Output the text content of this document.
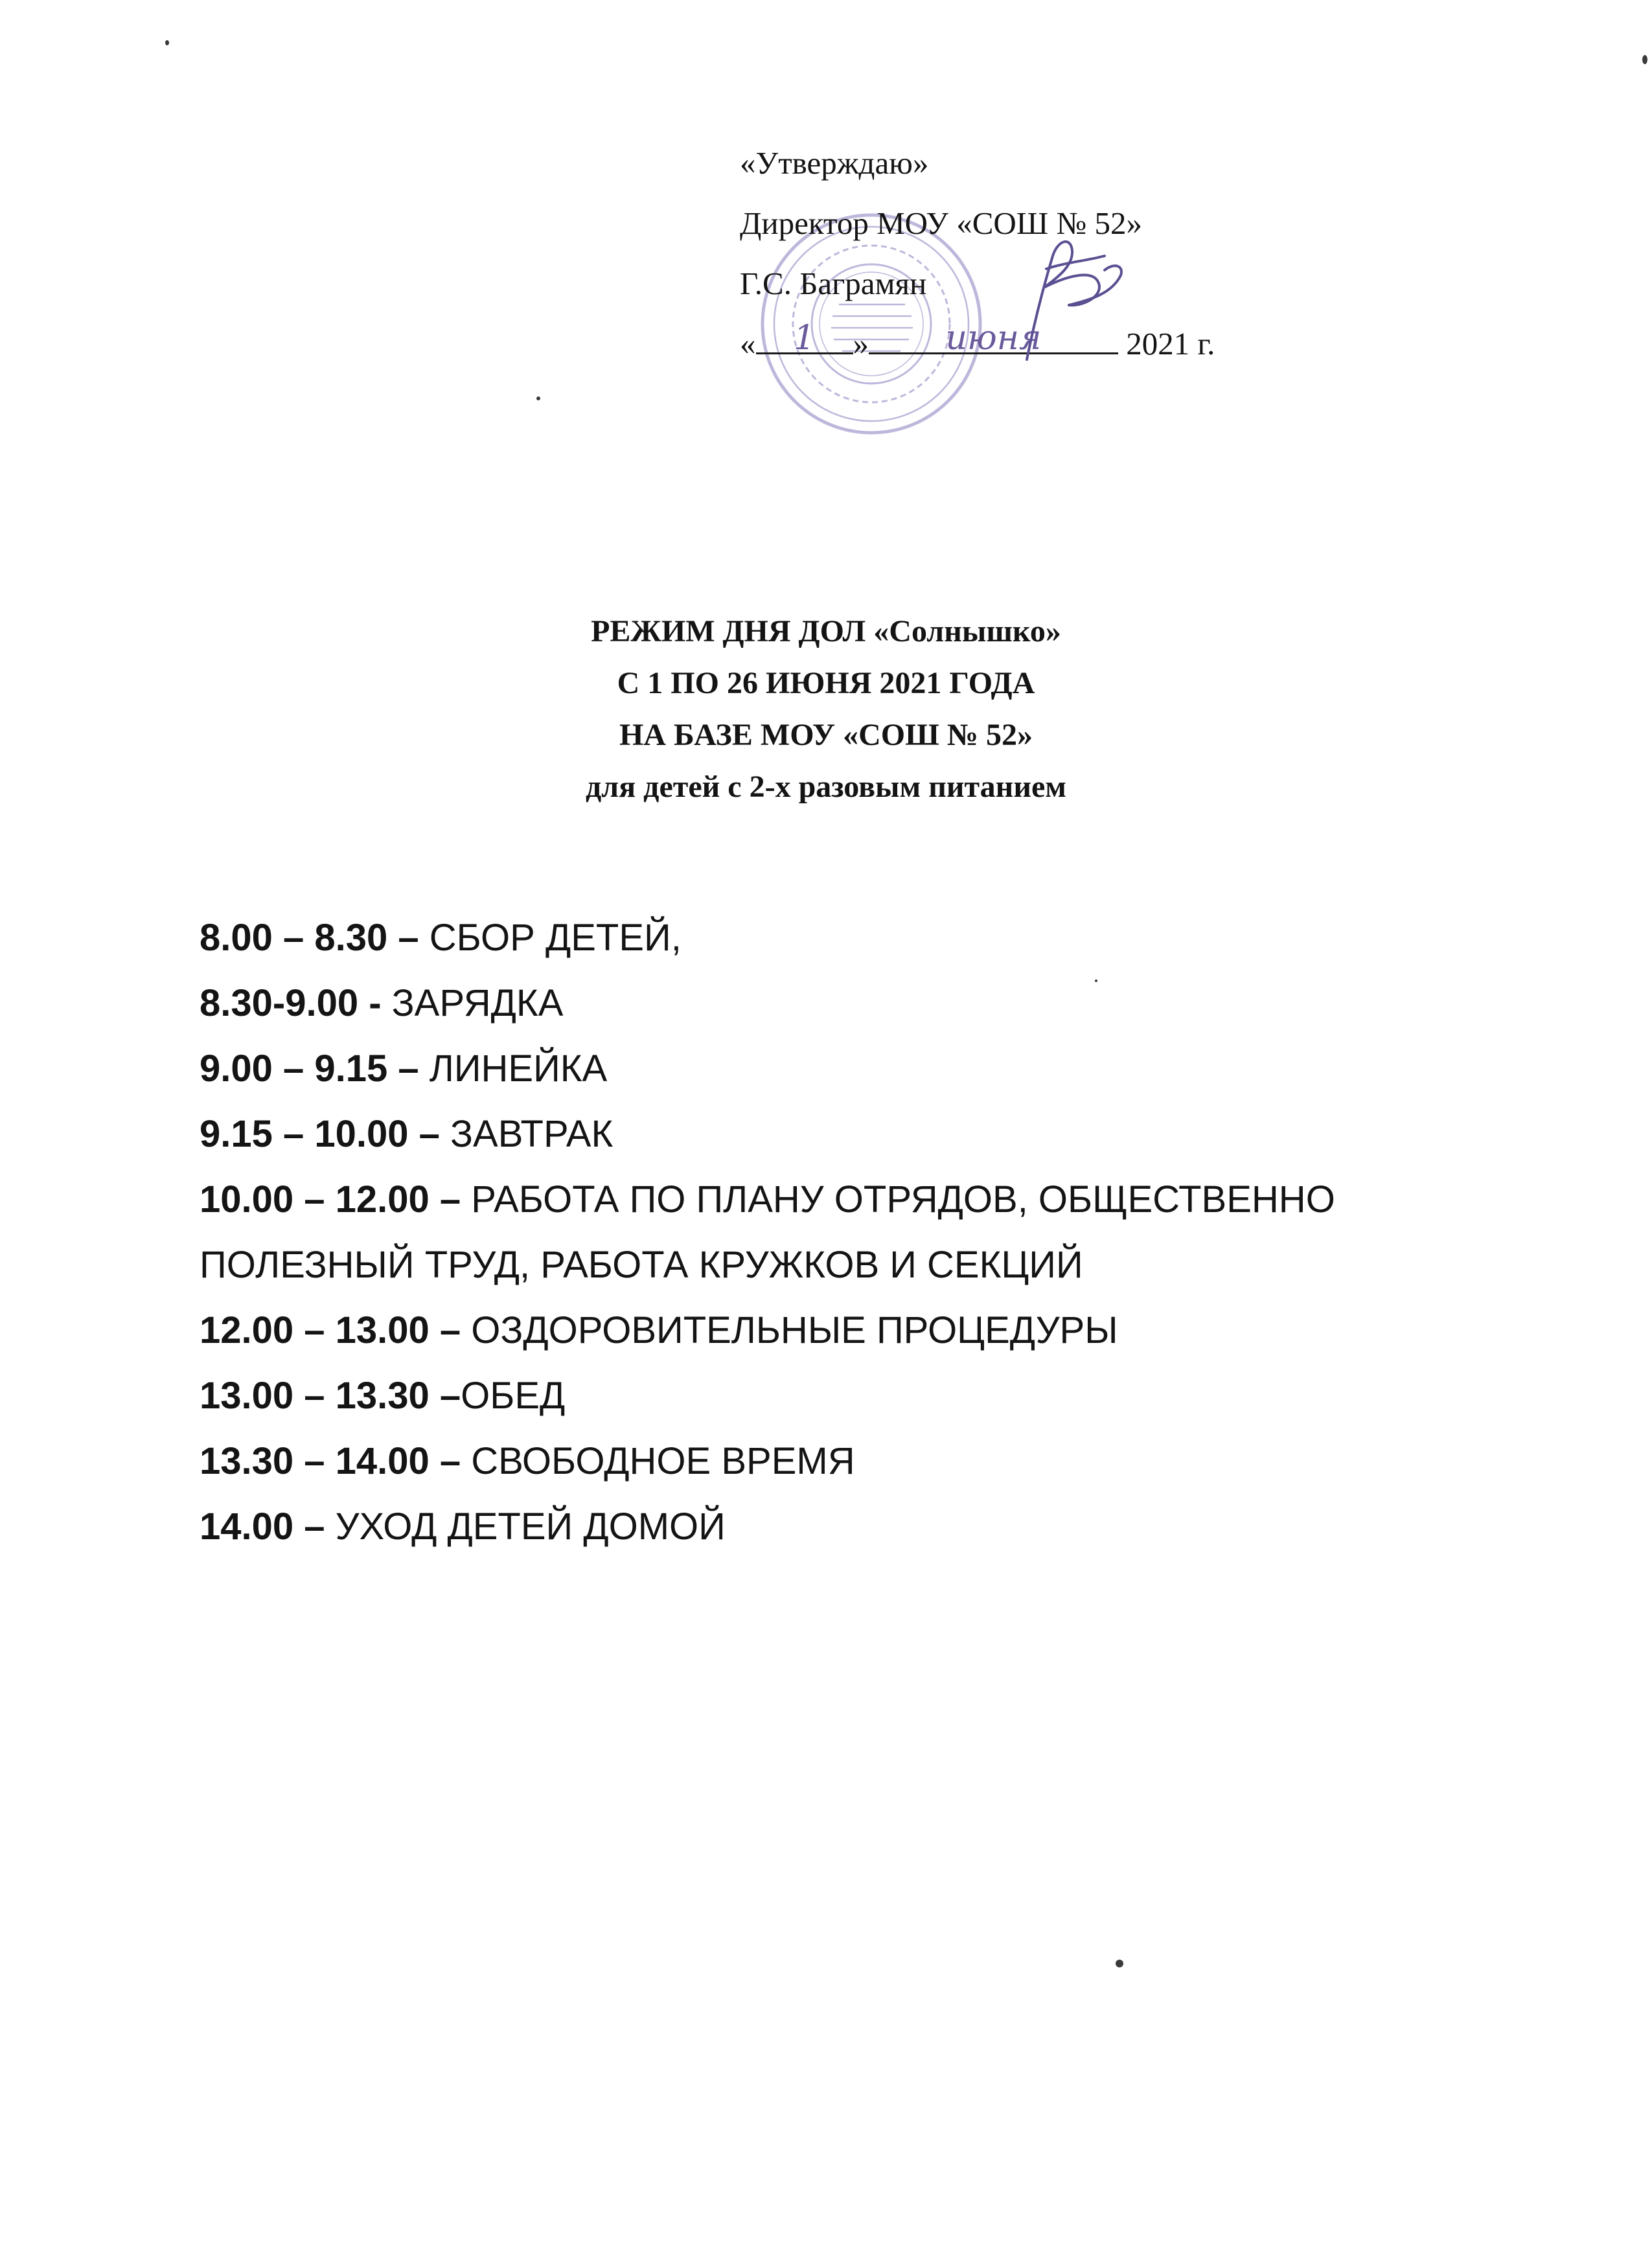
«Утверждаю»
Директор МОУ «СОШ № 52»
Г.С. Баграмян
«	1	»	июня	2021 г.
РЕЖИМ ДНЯ ДОЛ «Солнышко»
С 1 ПО 26 ИЮНЯ 2021 ГОДА
НА БАЗЕ МОУ «СОШ № 52»
для детей с 2-х разовым питанием
8.00 – 8.30 – СБОР ДЕТЕЙ,
8.30-9.00 - ЗАРЯДКА
9.00 – 9.15 – ЛИНЕЙКА
9.15 – 10.00 – ЗАВТРАК
10.00 – 12.00 – РАБОТА ПО ПЛАНУ ОТРЯДОВ, ОБЩЕСТВЕННО
ПОЛЕЗНЫЙ ТРУД, РАБОТА КРУЖКОВ И СЕКЦИЙ
12.00 – 13.00 – ОЗДОРОВИТЕЛЬНЫЕ ПРОЦЕДУРЫ
13.00 – 13.30 –ОБЕД
13.30 – 14.00 – СВОБОДНОЕ ВРЕМЯ
14.00 – УХОД ДЕТЕЙ ДОМОЙ
